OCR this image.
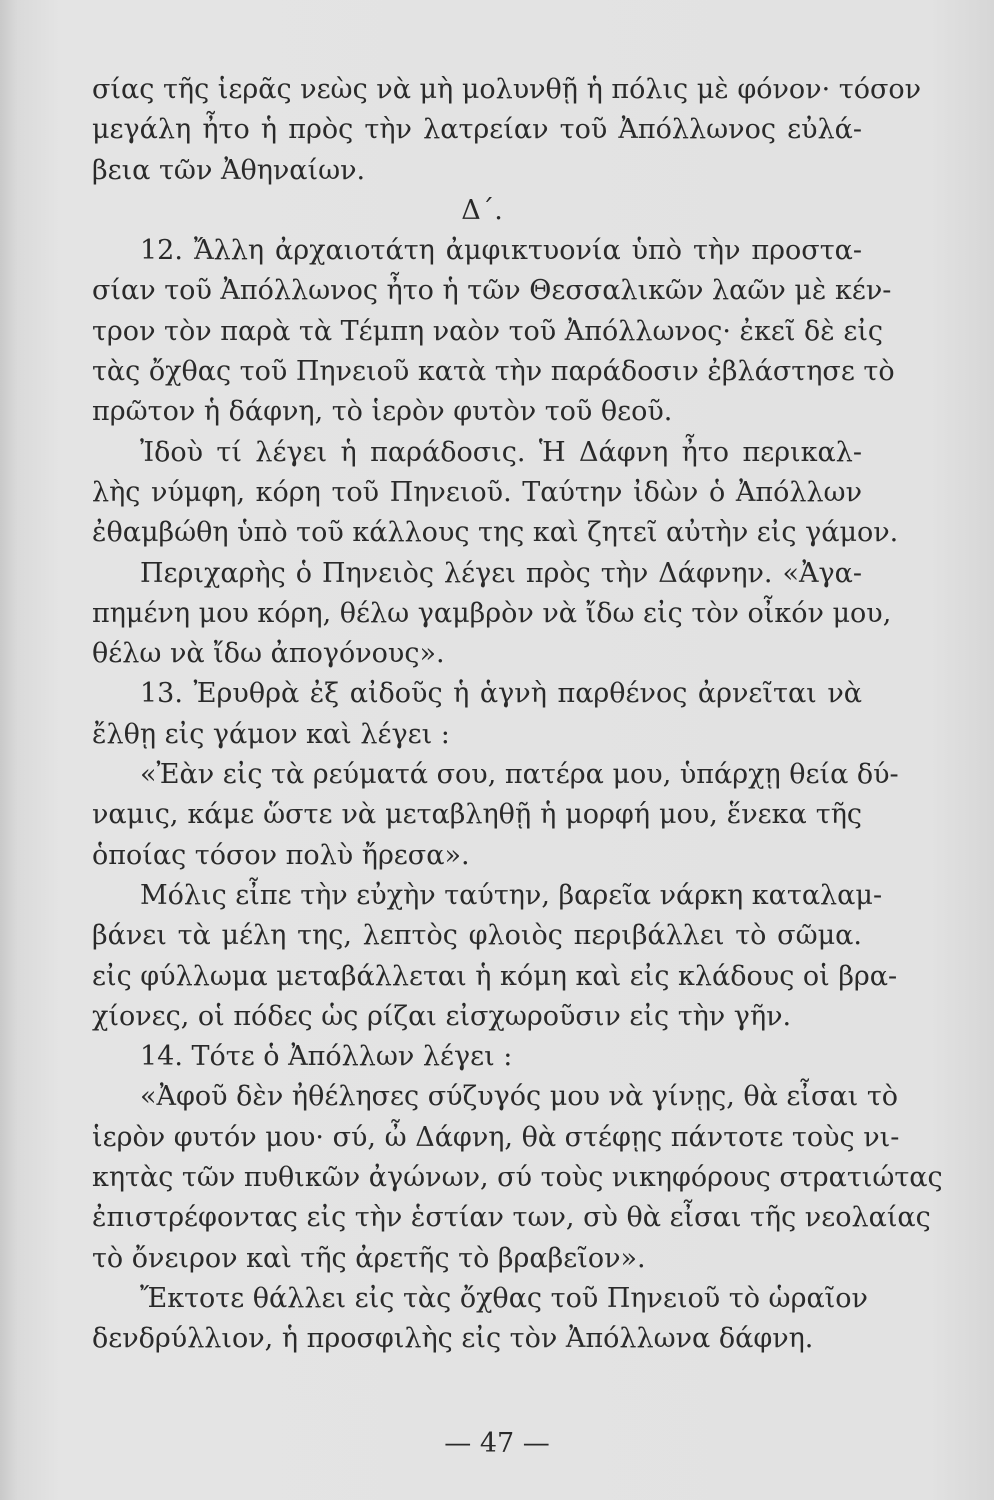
σίας τῆς ἱερᾶς νεὼς νὰ μὴ μολυνθῇ ἡ πόλις μὲ φόνον· τόσον
μεγάλη ἦτο ἡ πρὸς τὴν λατρείαν τοῦ Ἀπόλλωνος εὐλά-
βεια τῶν Ἀθηναίων.
Δ΄.
12. Ἄλλη ἀρχαιοτάτη ἀμφικτυονία ὑπὸ τὴν προστα-
σίαν τοῦ Ἀπόλλωνος ἦτο ἡ τῶν Θεσσαλικῶν λαῶν μὲ κέν-
τρον τὸν παρὰ τὰ Τέμπη ναὸν τοῦ Ἀπόλλωνος· ἐκεῖ δὲ εἰς
τὰς ὄχθας τοῦ Πηνειοῦ κατὰ τὴν παράδοσιν ἐβλάστησε τὸ
πρῶτον ἡ δάφνη, τὸ ἱερὸν φυτὸν τοῦ θεοῦ.
Ἰδοὺ τί λέγει ἡ παράδοσις. Ἡ Δάφνη ἦτο περικαλ-
λὴς νύμφη, κόρη τοῦ Πηνειοῦ. Ταύτην ἰδὼν ὁ Ἀπόλλων
ἐθαμβώθη ὑπὸ τοῦ κάλλους της καὶ ζητεῖ αὐτὴν εἰς γάμον.
Περιχαρὴς ὁ Πηνειὸς λέγει πρὸς τὴν Δάφνην. «Ἀγα-
πημένη μου κόρη, θέλω γαμβρὸν νὰ ἴδω εἰς τὸν οἶκόν μου,
θέλω νὰ ἴδω ἀπογόνους».
13. Ἐρυθρὰ ἐξ αἰδοῦς ἡ ἁγνὴ παρθένος ἀρνεῖται νὰ
ἔλθῃ εἰς γάμον καὶ λέγει :
«Ἐὰν εἰς τὰ ρεύματά σου, πατέρα μου, ὑπάρχῃ θεία δύ-
ναμις, κάμε ὥστε νὰ μεταβληθῇ ἡ μορφή μου, ἕνεκα τῆς
ὁποίας τόσον πολὺ ἤρεσα».
Μόλις εἶπε τὴν εὐχὴν ταύτην, βαρεῖα νάρκη καταλαμ-
βάνει τὰ μέλη της, λεπτὸς φλοιὸς περιβάλλει τὸ σῶμα.
εἰς φύλλωμα μεταβάλλεται ἡ κόμη καὶ εἰς κλάδους οἱ βρα-
χίονες, οἱ πόδες ὡς ρίζαι εἰσχωροῦσιν εἰς τὴν γῆν.
14. Τότε ὁ Ἀπόλλων λέγει :
«Ἀφοῦ δὲν ἠθέλησες σύζυγός μου νὰ γίνῃς, θὰ εἶσαι τὸ
ἱερὸν φυτόν μου· σύ, ὦ Δάφνη, θὰ στέφῃς πάντοτε τοὺς νι-
κητὰς τῶν πυθικῶν ἀγώνων, σύ τοὺς νικηφόρους στρατιώτας
ἐπιστρέφοντας εἰς τὴν ἑστίαν των, σὺ θὰ εἶσαι τῆς νεολαίας
τὸ ὄνειρον καὶ τῆς ἀρετῆς τὸ βραβεῖον».
Ἔκτοτε θάλλει εἰς τὰς ὄχθας τοῦ Πηνειοῦ τὸ ὡραῖον
δενδρύλλιον, ἡ προσφιλὴς εἰς τὸν Ἀπόλλωνα δάφνη.
— 47 —
